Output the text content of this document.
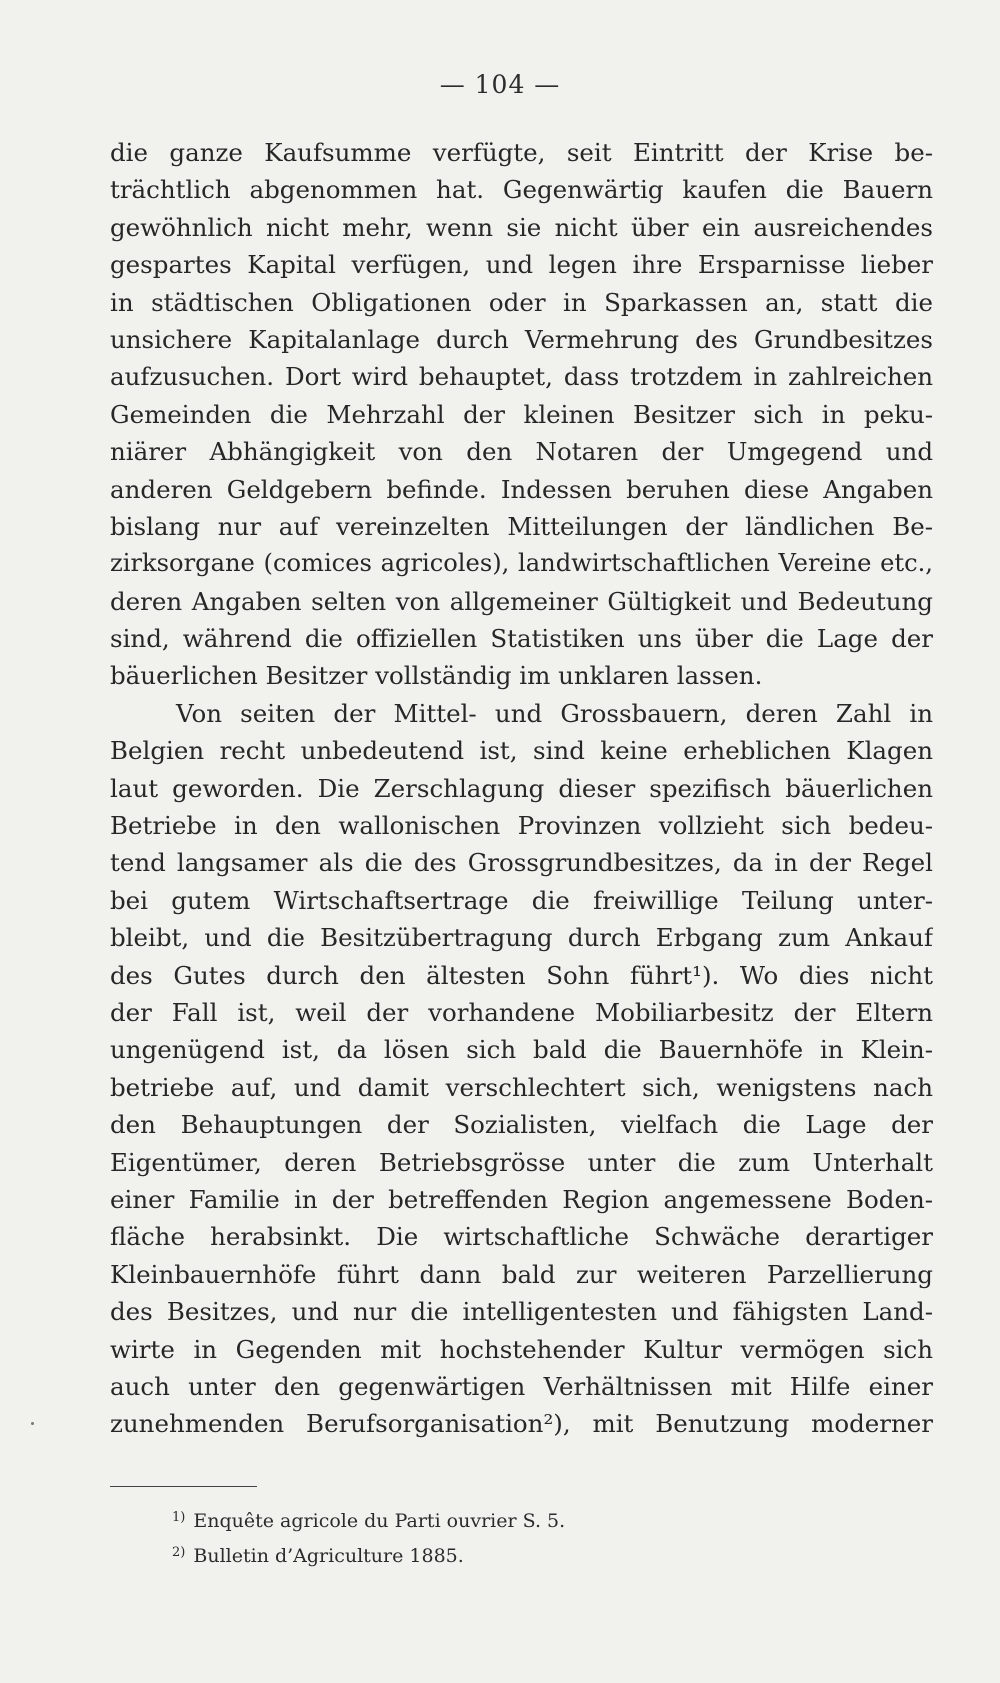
— 104 —
die ganze Kaufsumme verfügte, seit Eintritt der Krise be-
trächtlich abgenommen hat. Gegenwärtig kaufen die Bauern
gewöhnlich nicht mehr, wenn sie nicht über ein ausreichendes
gespartes Kapital verfügen, und legen ihre Ersparnisse lieber
in städtischen Obligationen oder in Sparkassen an, statt die
unsichere Kapitalanlage durch Vermehrung des Grundbesitzes
aufzusuchen. Dort wird behauptet, dass trotzdem in zahlreichen
Gemeinden die Mehrzahl der kleinen Besitzer sich in peku-
niärer Abhängigkeit von den Notaren der Umgegend und
anderen Geldgebern befinde. Indessen beruhen diese Angaben
bislang nur auf vereinzelten Mitteilungen der ländlichen Be-
zirksorgane (comices agricoles), landwirtschaftlichen Vereine etc.,
deren Angaben selten von allgemeiner Gültigkeit und Bedeutung
sind, während die offiziellen Statistiken uns über die Lage der
bäuerlichen Besitzer vollständig im unklaren lassen.
Von seiten der Mittel- und Grossbauern, deren Zahl in
Belgien recht unbedeutend ist, sind keine erheblichen Klagen
laut geworden. Die Zerschlagung dieser spezifisch bäuerlichen
Betriebe in den wallonischen Provinzen vollzieht sich bedeu-
tend langsamer als die des Grossgrundbesitzes, da in der Regel
bei gutem Wirtschaftsertrage die freiwillige Teilung unter-
bleibt, und die Besitzübertragung durch Erbgang zum Ankauf
des Gutes durch den ältesten Sohn führt¹). Wo dies nicht
der Fall ist, weil der vorhandene Mobiliarbesitz der Eltern
ungenügend ist, da lösen sich bald die Bauernhöfe in Klein-
betriebe auf, und damit verschlechtert sich, wenigstens nach
den Behauptungen der Sozialisten, vielfach die Lage der
Eigentümer, deren Betriebsgrösse unter die zum Unterhalt
einer Familie in der betreffenden Region angemessene Boden-
fläche herabsinkt. Die wirtschaftliche Schwäche derartiger
Kleinbauernhöfe führt dann bald zur weiteren Parzellierung
des Besitzes, und nur die intelligentesten und fähigsten Land-
wirte in Gegenden mit hochstehender Kultur vermögen sich
auch unter den gegenwärtigen Verhältnissen mit Hilfe einer
zunehmenden Berufsorganisation²), mit Benutzung moderner
$^{1)}$ Enquête agricole du Parti ouvrier S. 5.
$^{2)}$ Bulletin d’Agriculture 1885.
